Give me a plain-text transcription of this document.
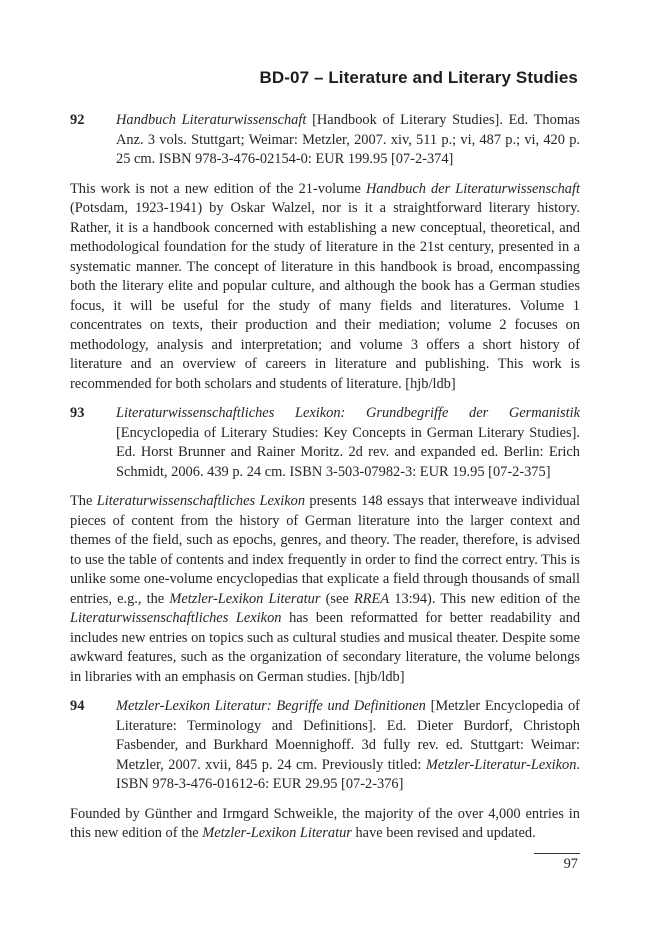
BD-07 – Literature and Literary Studies
92 Handbuch Literaturwissenschaft [Handbook of Literary Studies]. Ed. Thomas Anz. 3 vols. Stuttgart; Weimar: Metzler, 2007. xiv, 511 p.; vi, 487 p.; vi, 420 p. 25 cm. ISBN 978-3-476-02154-0: EUR 199.95 [07-2-374]

This work is not a new edition of the 21-volume Handbuch der Literaturwissenschaft (Potsdam, 1923-1941) by Oskar Walzel, nor is it a straightforward literary history. Rather, it is a handbook concerned with establishing a new conceptual, theoretical, and methodological foundation for the study of literature in the 21st century, presented in a systematic manner. The concept of literature in this handbook is broad, encompassing both the literary elite and popular culture, and although the book has a German studies focus, it will be useful for the study of many fields and literatures. Volume 1 concentrates on texts, their production and their mediation; volume 2 focuses on methodology, analysis and interpretation; and volume 3 offers a short history of literature and an overview of careers in literature and publishing. This work is recommended for both scholars and students of literature. [hjb/ldb]

93 Literaturwissenschaftliches Lexikon: Grundbegriffe der Germanistik [Encyclopedia of Literary Studies: Key Concepts in German Literary Studies]. Ed. Horst Brunner and Rainer Moritz. 2d rev. and expanded ed. Berlin: Erich Schmidt, 2006. 439 p. 24 cm. ISBN 3-503-07982-3: EUR 19.95 [07-2-375]

The Literaturwissenschaftliches Lexikon presents 148 essays that interweave individual pieces of content from the history of German literature into the larger context and themes of the field, such as epochs, genres, and theory. The reader, therefore, is advised to use the table of contents and index frequently in order to find the correct entry. This is unlike some one-volume encyclopedias that explicate a field through thousands of small entries, e.g., the Metzler-Lexikon Literatur (see RREA 13:94). This new edition of the Literaturwissenschaftliches Lexikon has been reformatted for better readability and includes new entries on topics such as cultural studies and musical theater. Despite some awkward features, such as the organization of secondary literature, the volume belongs in libraries with an emphasis on German studies. [hjb/ldb]

94 Metzler-Lexikon Literatur: Begriffe und Definitionen [Metzler Encyclopedia of Literature: Terminology and Definitions]. Ed. Dieter Burdorf, Christoph Fasbender, and Burkhard Moennighoff. 3d fully rev. ed. Stuttgart: Weimar: Metzler, 2007. xvii, 845 p. 24 cm. Previously titled: Metzler-Literatur-Lexikon. ISBN 978-3-476-01612-6: EUR 29.95 [07-2-376]

Founded by Günther and Irmgard Schweikle, the majority of the over 4,000 entries in this new edition of the Metzler-Lexikon Literatur have been revised and updated.

97
